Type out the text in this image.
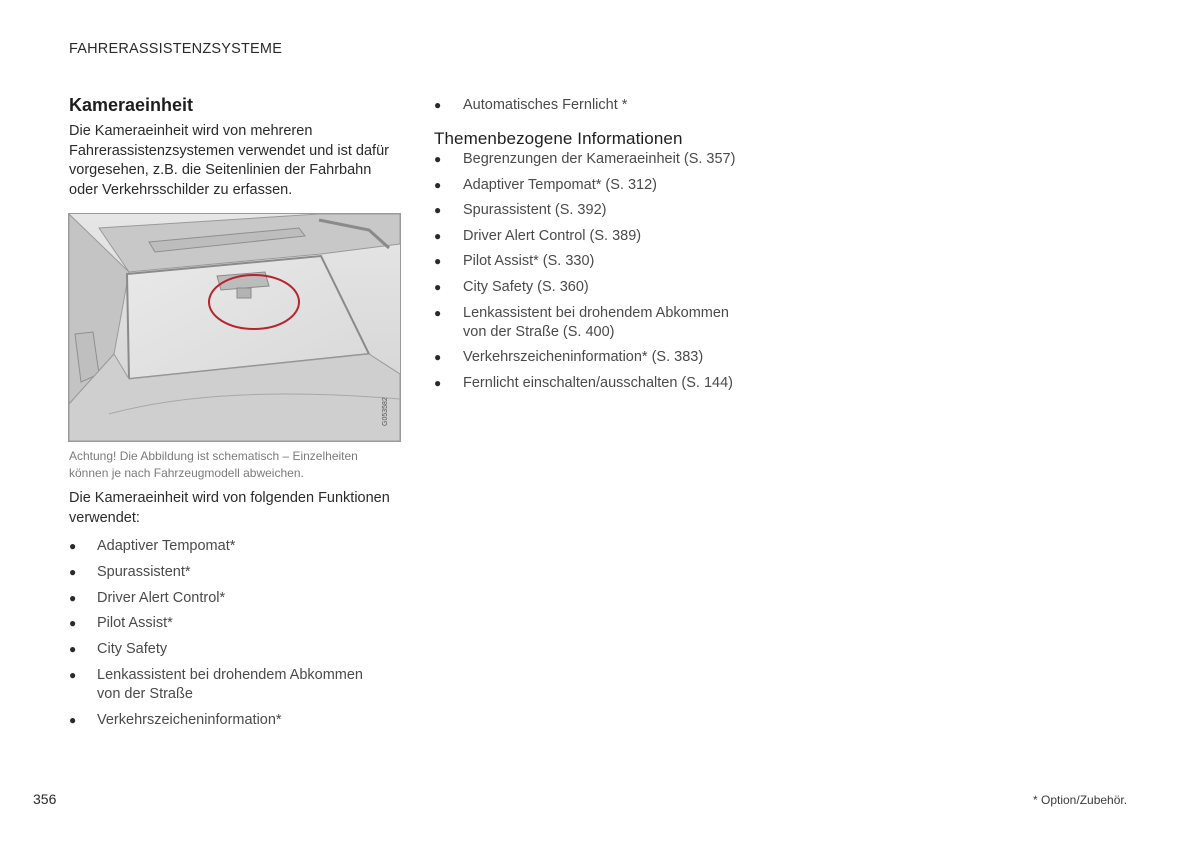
FAHRERASSISTENZSYSTEME
Kameraeinheit
Die Kameraeinheit wird von mehreren Fahrerassistenzsystemen verwendet und ist dafür vorgesehen, z.B. die Seitenlinien der Fahrbahn oder Verkehrsschilder zu erfassen.
G053582
Achtung! Die Abbildung ist schematisch – Einzelheiten können je nach Fahrzeugmodell abweichen.
Die Kameraeinheit wird von folgenden Funktionen verwendet:
● Adaptiver Tempomat*
● Spurassistent*
● Driver Alert Control*
● Pilot Assist*
● City Safety
● Lenkassistent bei drohendem Abkommen von der Straße
● Verkehrszeicheninformation*
● Automatisches Fernlicht *
Themenbezogene Informationen
● Begrenzungen der Kameraeinheit (S. 357)
● Adaptiver Tempomat* (S. 312)
● Spurassistent (S. 392)
● Driver Alert Control (S. 389)
● Pilot Assist* (S. 330)
● City Safety (S. 360)
● Lenkassistent bei drohendem Abkommen von der Straße (S. 400)
● Verkehrszeicheninformation* (S. 383)
● Fernlicht einschalten/ausschalten (S. 144)
356	* Option/Zubehör.
